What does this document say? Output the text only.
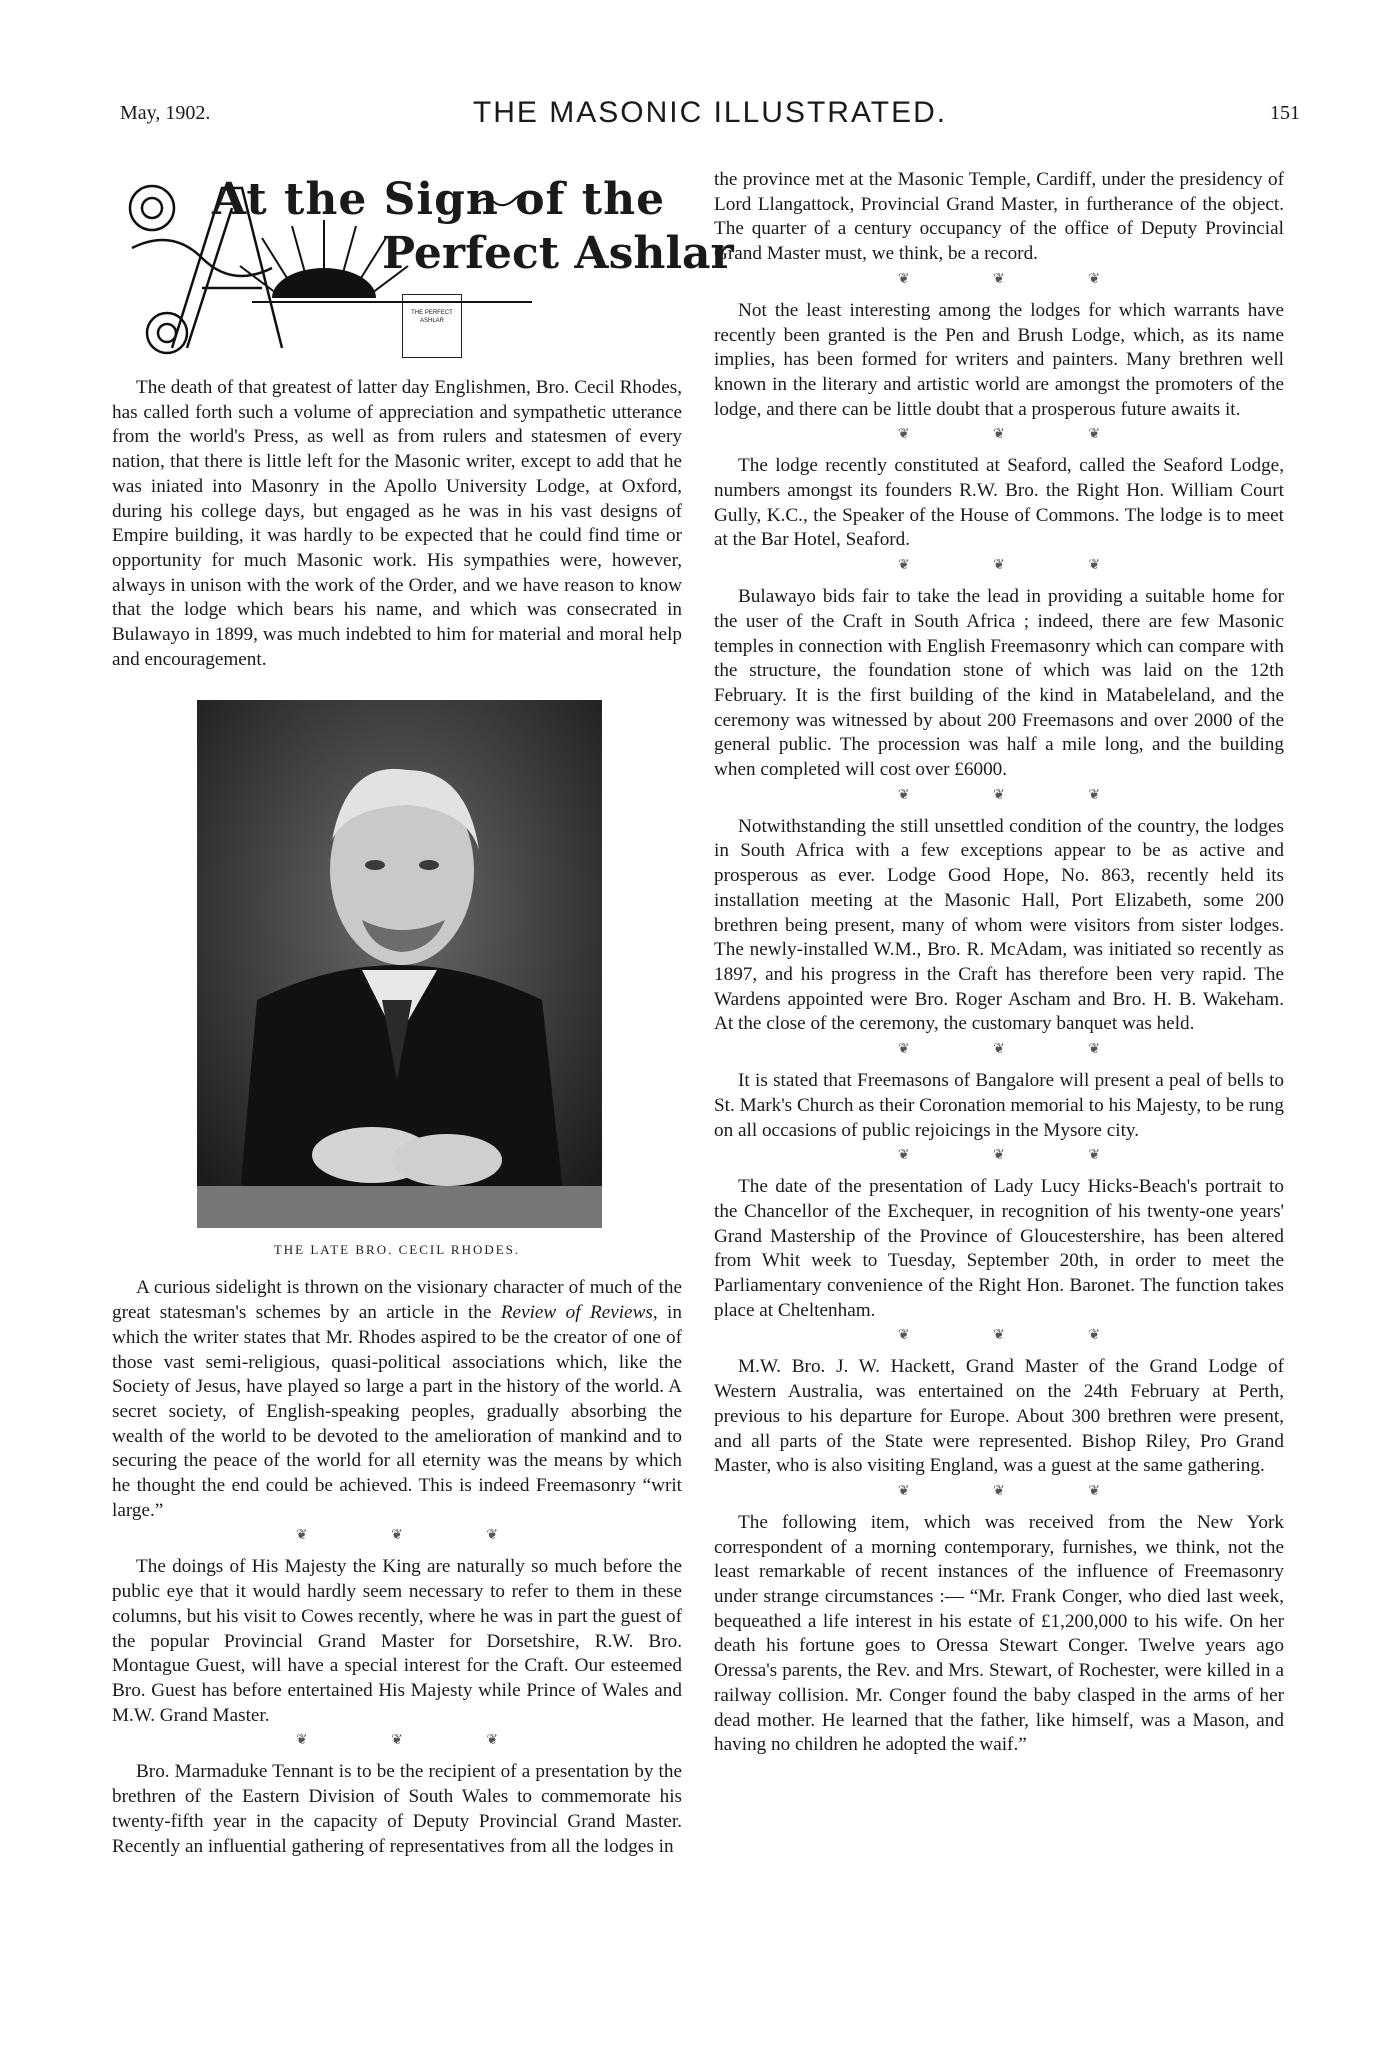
May, 1902.	THE MASONIC ILLUSTRATED.	151
At the Sign of the
Perfect Ashlar
THE PERFECT ASHLAR

The death of that greatest of latter day Englishmen, Bro. Cecil Rhodes, has called forth such a volume of appreciation and sympathetic utterance from the world's Press, as well as from rulers and statesmen of every nation, that there is little left for the Masonic writer, except to add that he was iniated into Masonry in the Apollo University Lodge, at Oxford, during his college days, but engaged as he was in his vast designs of Empire building, it was hardly to be expected that he could find time or opportunity for much Masonic work. His sympathies were, however, always in unison with the work of the Order, and we have reason to know that the lodge which bears his name, and which was consecrated in Bulawayo in 1899, was much indebted to him for material and moral help and encouragement.

THE LATE BRO. CECIL RHODES.

A curious sidelight is thrown on the visionary character of much of the great statesman's schemes by an article in the Review of Reviews, in which the writer states that Mr. Rhodes aspired to be the creator of one of those vast semi-religious, quasi-political associations which, like the Society of Jesus, have played so large a part in the history of the world. A secret society, of English-speaking peoples, gradually absorbing the wealth of the world to be devoted to the amelioration of mankind and to securing the peace of the world for all eternity was the means by which he thought the end could be achieved. This is indeed Freemasonry “writ large.”

❦ ❦ ❦

The doings of His Majesty the King are naturally so much before the public eye that it would hardly seem necessary to refer to them in these columns, but his visit to Cowes recently, where he was in part the guest of the popular Provincial Grand Master for Dorsetshire, R.W. Bro. Montague Guest, will have a special interest for the Craft. Our esteemed Bro. Guest has before entertained His Majesty while Prince of Wales and M.W. Grand Master.

❦ ❦ ❦

Bro. Marmaduke Tennant is to be the recipient of a presentation by the brethren of the Eastern Division of South Wales to commemorate his twenty-fifth year in the capacity of Deputy Provincial Grand Master. Recently an influential gathering of representatives from all the lodges in

the province met at the Masonic Temple, Cardiff, under the presidency of Lord Llangattock, Provincial Grand Master, in furtherance of the object. The quarter of a century occupancy of the office of Deputy Provincial Grand Master must, we think, be a record.

❦ ❦ ❦

Not the least interesting among the lodges for which warrants have recently been granted is the Pen and Brush Lodge, which, as its name implies, has been formed for writers and painters. Many brethren well known in the literary and artistic world are amongst the promoters of the lodge, and there can be little doubt that a prosperous future awaits it.

❦ ❦ ❦

The lodge recently constituted at Seaford, called the Seaford Lodge, numbers amongst its founders R.W. Bro. the Right Hon. William Court Gully, K.C., the Speaker of the House of Commons. The lodge is to meet at the Bar Hotel, Seaford.

❦ ❦ ❦

Bulawayo bids fair to take the lead in providing a suitable home for the user of the Craft in South Africa ; indeed, there are few Masonic temples in connection with English Freemasonry which can compare with the structure, the foundation stone of which was laid on the 12th February. It is the first building of the kind in Matabeleland, and the ceremony was witnessed by about 200 Freemasons and over 2000 of the general public. The procession was half a mile long, and the building when completed will cost over £6000.

❦ ❦ ❦

Notwithstanding the still unsettled condition of the country, the lodges in South Africa with a few exceptions appear to be as active and prosperous as ever. Lodge Good Hope, No. 863, recently held its installation meeting at the Masonic Hall, Port Elizabeth, some 200 brethren being present, many of whom were visitors from sister lodges. The newly-installed W.M., Bro. R. McAdam, was initiated so recently as 1897, and his progress in the Craft has therefore been very rapid. The Wardens appointed were Bro. Roger Ascham and Bro. H. B. Wakeham. At the close of the ceremony, the customary banquet was held.

❦ ❦ ❦

It is stated that Freemasons of Bangalore will present a peal of bells to St. Mark's Church as their Coronation memorial to his Majesty, to be rung on all occasions of public rejoicings in the Mysore city.

❦ ❦ ❦

The date of the presentation of Lady Lucy Hicks-Beach's portrait to the Chancellor of the Exchequer, in recognition of his twenty-one years' Grand Mastership of the Province of Gloucestershire, has been altered from Whit week to Tuesday, September 20th, in order to meet the Parliamentary convenience of the Right Hon. Baronet. The function takes place at Cheltenham.

❦ ❦ ❦

M.W. Bro. J. W. Hackett, Grand Master of the Grand Lodge of Western Australia, was entertained on the 24th February at Perth, previous to his departure for Europe. About 300 brethren were present, and all parts of the State were represented. Bishop Riley, Pro Grand Master, who is also visiting England, was a guest at the same gathering.

❦ ❦ ❦

The following item, which was received from the New York correspondent of a morning contemporary, furnishes, we think, not the least remarkable of recent instances of the influence of Freemasonry under strange circumstances :— “Mr. Frank Conger, who died last week, bequeathed a life interest in his estate of £1,200,000 to his wife. On her death his fortune goes to Oressa Stewart Conger. Twelve years ago Oressa's parents, the Rev. and Mrs. Stewart, of Rochester, were killed in a railway collision. Mr. Conger found the baby clasped in the arms of her dead mother. He learned that the father, like himself, was a Mason, and having no children he adopted the waif.”
